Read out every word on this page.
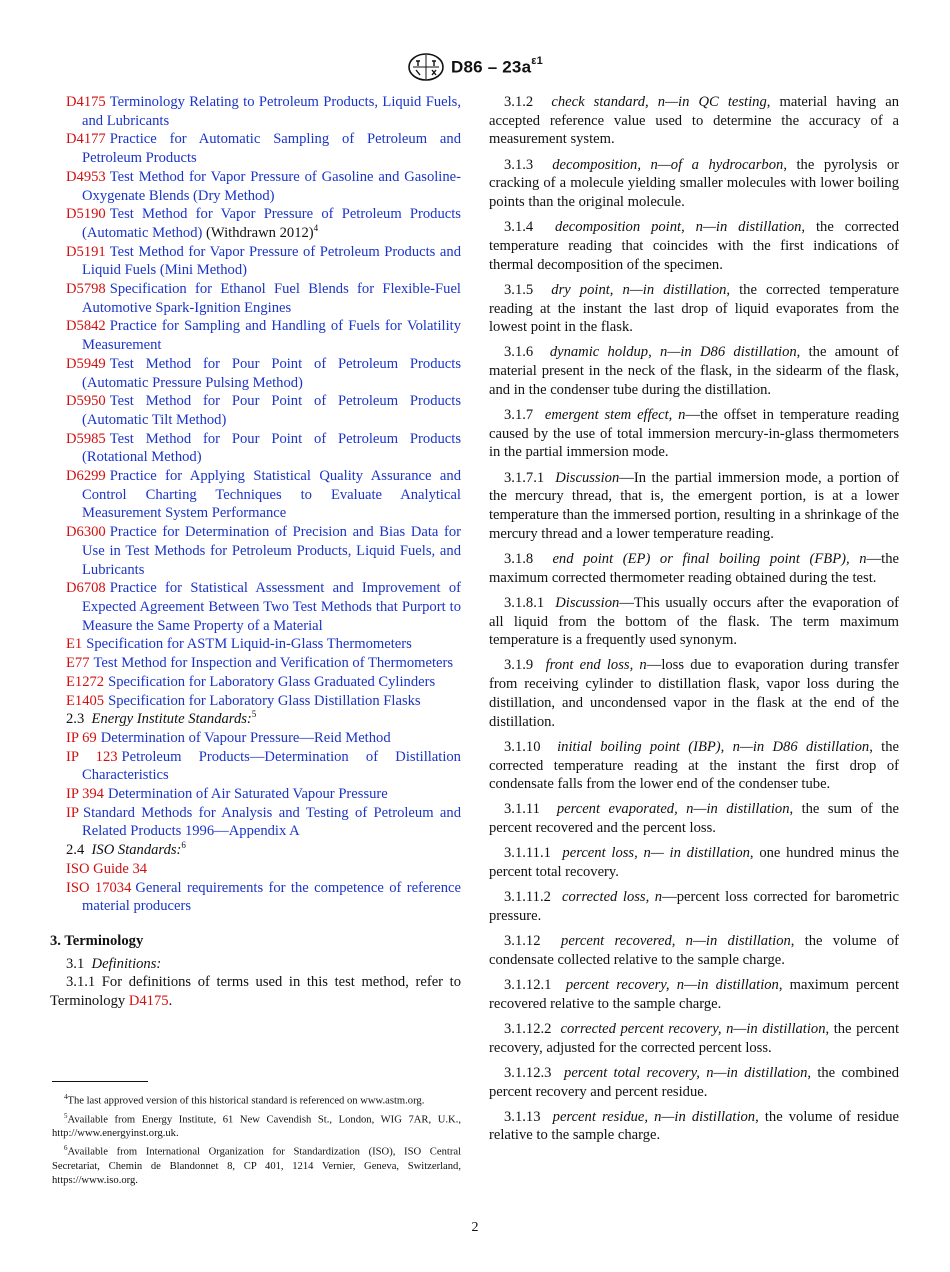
$D86 - 23a^{\varepsilon 1}$
D4175 Terminology Relating to Petroleum Products, Liquid Fuels, and Lubricants
D4177 Practice for Automatic Sampling of Petroleum and Petroleum Products
D4953 Test Method for Vapor Pressure of Gasoline and Gasoline-Oxygenate Blends (Dry Method)
D5190 Test Method for Vapor Pressure of Petroleum Products (Automatic Method) (Withdrawn 2012)$^4$
D5191 Test Method for Vapor Pressure of Petroleum Products and Liquid Fuels (Mini Method)
D5798 Specification for Ethanol Fuel Blends for Flexible-Fuel Automotive Spark-Ignition Engines
D5842 Practice for Sampling and Handling of Fuels for Volatility Measurement
D5949 Test Method for Pour Point of Petroleum Products (Automatic Pressure Pulsing Method)
D5950 Test Method for Pour Point of Petroleum Products (Automatic Tilt Method)
D5985 Test Method for Pour Point of Petroleum Products (Rotational Method)
D6299 Practice for Applying Statistical Quality Assurance and Control Charting Techniques to Evaluate Analytical Measurement System Performance
D6300 Practice for Determination of Precision and Bias Data for Use in Test Methods for Petroleum Products, Liquid Fuels, and Lubricants
D6708 Practice for Statistical Assessment and Improvement of Expected Agreement Between Two Test Methods that Purport to Measure the Same Property of a Material
E1 Specification for ASTM Liquid-in-Glass Thermometers
E77 Test Method for Inspection and Verification of Thermometers
E1272 Specification for Laboratory Glass Graduated Cylinders
E1405 Specification for Laboratory Glass Distillation Flasks
2.3 Energy Institute Standards:$^5$
IP 69 Determination of Vapour Pressure—Reid Method
IP 123 Petroleum Products—Determination of Distillation Characteristics
IP 394 Determination of Air Saturated Vapour Pressure
IP Standard Methods for Analysis and Testing of Petroleum and Related Products 1996—Appendix A
2.4 ISO Standards:$^6$
ISO Guide 34
ISO 17034 General requirements for the competence of reference material producers
3. Terminology
3.1 Definitions:
3.1.1 For definitions of terms used in this test method, refer to Terminology D4175.
3.1.2 check standard, n—in QC testing, material having an accepted reference value used to determine the accuracy of a measurement system.
3.1.3 decomposition, n—of a hydrocarbon, the pyrolysis or cracking of a molecule yielding smaller molecules with lower boiling points than the original molecule.
3.1.4 decomposition point, n—in distillation, the corrected temperature reading that coincides with the first indications of thermal decomposition of the specimen.
3.1.5 dry point, n—in distillation, the corrected temperature reading at the instant the last drop of liquid evaporates from the lowest point in the flask.
3.1.6 dynamic holdup, n—in D86 distillation, the amount of material present in the neck of the flask, in the sidearm of the flask, and in the condenser tube during the distillation.
3.1.7 emergent stem effect, n—the offset in temperature reading caused by the use of total immersion mercury-in-glass thermometers in the partial immersion mode.
3.1.7.1 Discussion—In the partial immersion mode, a portion of the mercury thread, that is, the emergent portion, is at a lower temperature than the immersed portion, resulting in a shrinkage of the mercury thread and a lower temperature reading.
3.1.8 end point (EP) or final boiling point (FBP), n—the maximum corrected thermometer reading obtained during the test.
3.1.8.1 Discussion—This usually occurs after the evaporation of all liquid from the bottom of the flask. The term maximum temperature is a frequently used synonym.
3.1.9 front end loss, n—loss due to evaporation during transfer from receiving cylinder to distillation flask, vapor loss during the distillation, and uncondensed vapor in the flask at the end of the distillation.
3.1.10 initial boiling point (IBP), n—in D86 distillation, the corrected temperature reading at the instant the first drop of condensate falls from the lower end of the condenser tube.
3.1.11 percent evaporated, n—in distillation, the sum of the percent recovered and the percent loss.
3.1.11.1 percent loss, n— in distillation, one hundred minus the percent total recovery.
3.1.11.2 corrected loss, n—percent loss corrected for barometric pressure.
3.1.12 percent recovered, n—in distillation, the volume of condensate collected relative to the sample charge.
3.1.12.1 percent recovery, n—in distillation, maximum percent recovered relative to the sample charge.
3.1.12.2 corrected percent recovery, n—in distillation, the percent recovery, adjusted for the corrected percent loss.
3.1.12.3 percent total recovery, n—in distillation, the combined percent recovery and percent residue.
3.1.13 percent residue, n—in distillation, the volume of residue relative to the sample charge.
$^4$The last approved version of this historical standard is referenced on www.astm.org.
$^5$Available from Energy Institute, 61 New Cavendish St., London, WIG 7AR, U.K., http://www.energyinst.org.uk.
$^6$Available from International Organization for Standardization (ISO), ISO Central Secretariat, Chemin de Blandonnet 8, CP 401, 1214 Vernier, Geneva, Switzerland, https://www.iso.org.
2
